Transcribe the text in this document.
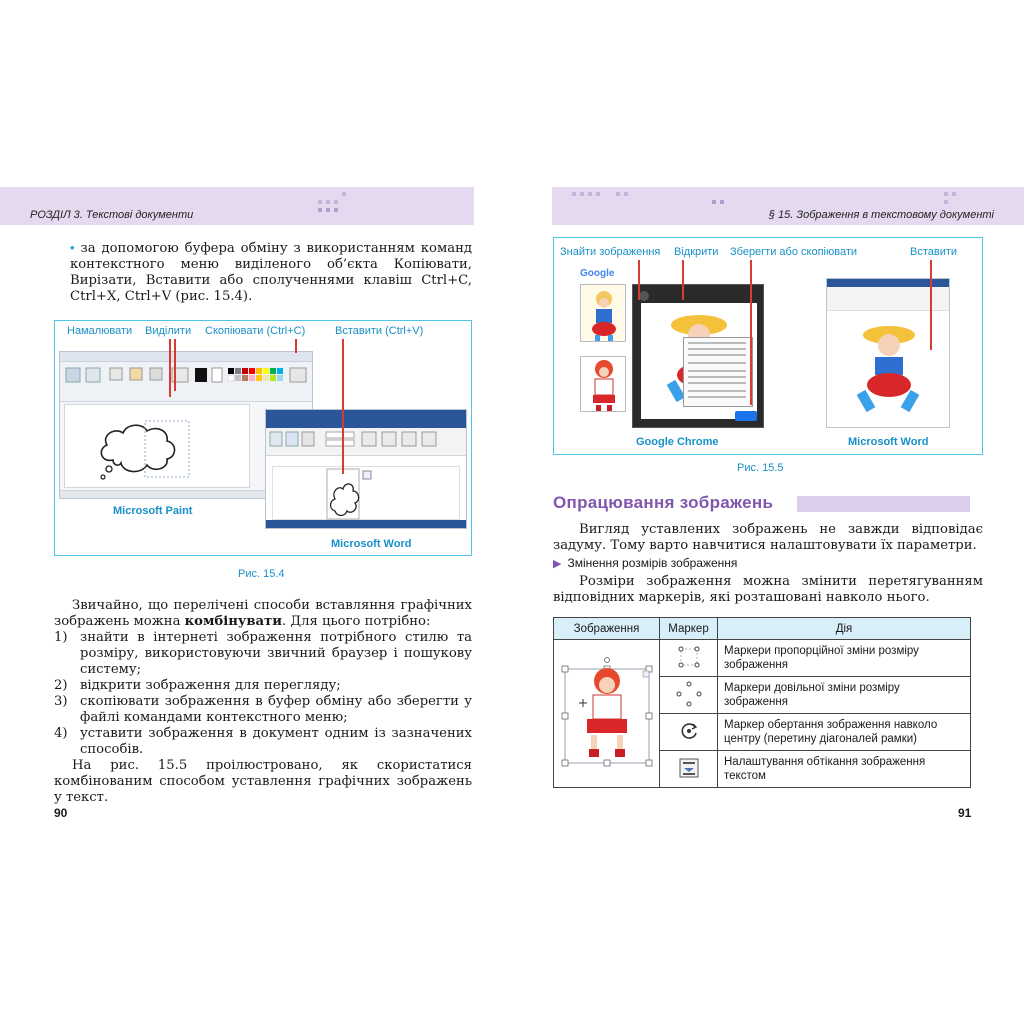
РОЗДІЛ 3. Текстові документи
• за допомогою буфера обміну з використанням команд контекстного меню виділеного об’єкта Копіювати, Вирізати, Вставити або сполученнями клавіш Ctrl+C, Ctrl+X, Ctrl+V (рис. 15.4).
Намалювати Виділити Скопіювати (Ctrl+C)	Вставити (Ctrl+V)
Microsoft Paint
Microsoft Word
Рис. 15.4
Звичайно, що перелічені способи вставляння графічних зображень можна комбінувати. Для цього потрібно:
1) знайти в інтернеті зображення потрібного стилю та розміру, використовуючи звичний браузер і пошукову систему;
2) відкрити зображення для перегляду;
3) скопіювати зображення в буфер обміну або зберегти у файлі командами контекстного меню;
4) уставити зображення в документ одним із зазначених способів.
На рис. 15.5 проілюстровано, як скористатися комбінованим способом уставлення графічних зображень у текст.
90
§ 15. Зображення в текстовому документі
Знайти зображення Відкрити Зберегти або скопіювати	Вставити
Google
Google Chrome	Microsoft Word
Рис. 15.5
Опрацювання зображень
Вигляд уставлених зображень не завжди відповідає задуму. Тому варто навчитися налаштовувати їх параметри.
▶ Змінення розмірів зображення
Розміри зображення можна змінити перетягуванням відповідних маркерів, які розташовані навколо нього.
Зображення	Маркер	Дія
		Маркери пропорційної зміни розміру зображення
	Маркери довільної зміни розміру зображення
	Маркер обертання зображення навколо центру (перетину діагоналей рамки)
	Налаштування обтікання зображення текстом
91
